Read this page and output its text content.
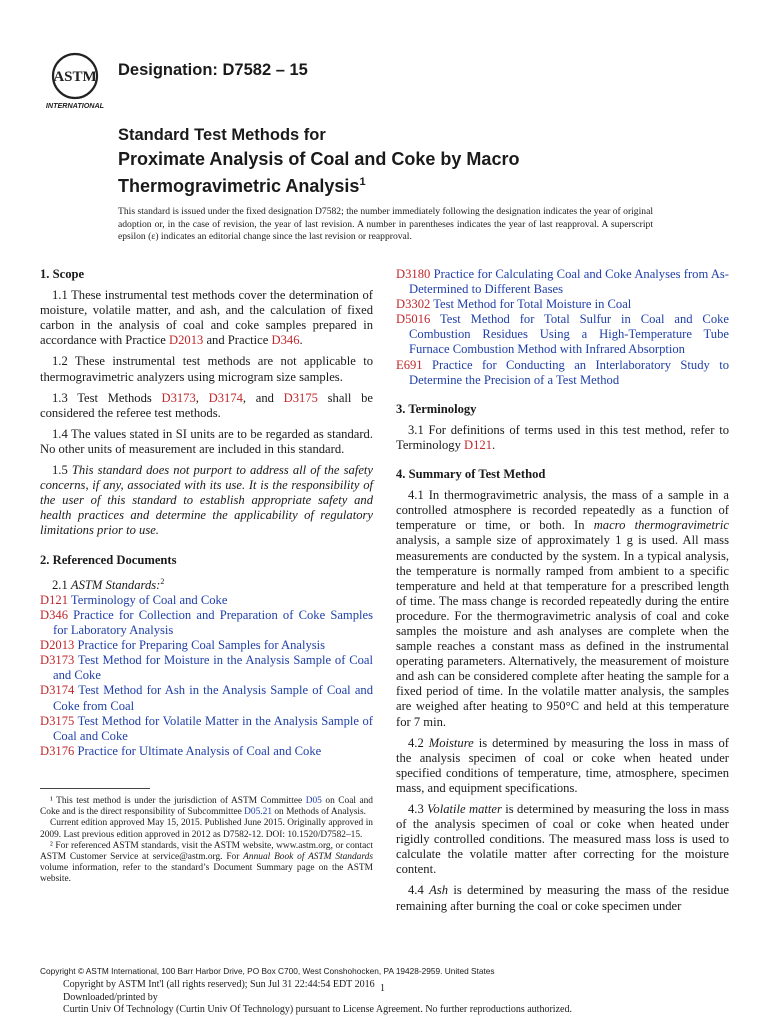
ASTM
INTERNATIONAL
Designation: D7582 – 15
Standard Test Methods for
Proximate Analysis of Coal and Coke by Macro
Thermogravimetric Analysis$^1$
This standard is issued under the fixed designation D7582; the number immediately following the designation indicates the year of original adoption or, in the case of revision, the year of last revision. A number in parentheses indicates the year of last reapproval. A superscript epsilon (ε) indicates an editorial change since the last revision or reapproval.

1. Scope

1.1 These instrumental test methods cover the determination of moisture, volatile matter, and ash, and the calculation of fixed carbon in the analysis of coal and coke samples prepared in accordance with Practice D2013 and Practice D346.

1.2 These instrumental test methods are not applicable to thermogravimetric analyzers using microgram size samples.

1.3 Test Methods D3173, D3174, and D3175 shall be considered the referee test methods.

1.4 The values stated in SI units are to be regarded as standard. No other units of measurement are included in this standard.

1.5 This standard does not purport to address all of the safety concerns, if any, associated with its use. It is the responsibility of the user of this standard to establish appropriate safety and health practices and determine the applicability of regulatory limitations prior to use.

2. Referenced Documents

2.1 ASTM Standards:$^2$

D121 Terminology of Coal and Coke

D346 Practice for Collection and Preparation of Coke Samples for Laboratory Analysis

D2013 Practice for Preparing Coal Samples for Analysis

D3173 Test Method for Moisture in the Analysis Sample of Coal and Coke

D3174 Test Method for Ash in the Analysis Sample of Coal and Coke from Coal

D3175 Test Method for Volatile Matter in the Analysis Sample of Coal and Coke

D3176 Practice for Ultimate Analysis of Coal and Coke

¹ This test method is under the jurisdiction of ASTM Committee D05 on Coal and Coke and is the direct responsibility of Subcommittee D05.21 on Methods of Analysis.

Current edition approved May 15, 2015. Published June 2015. Originally approved in 2009. Last previous edition approved in 2012 as D7582-12. DOI: 10.1520/D7582–15.

² For referenced ASTM standards, visit the ASTM website, www.astm.org, or contact ASTM Customer Service at service@astm.org. For Annual Book of ASTM Standards volume information, refer to the standard’s Document Summary page on the ASTM website.

D3180 Practice for Calculating Coal and Coke Analyses from As-Determined to Different Bases

D3302 Test Method for Total Moisture in Coal

D5016 Test Method for Total Sulfur in Coal and Coke Combustion Residues Using a High-Temperature Tube Furnace Combustion Method with Infrared Absorption

E691 Practice for Conducting an Interlaboratory Study to Determine the Precision of a Test Method

3. Terminology

3.1 For definitions of terms used in this test method, refer to Terminology D121.

4. Summary of Test Method

4.1 In thermogravimetric analysis, the mass of a sample in a controlled atmosphere is recorded repeatedly as a function of temperature or time, or both. In macro thermogravimetric analysis, a sample size of approximately 1 g is used. All mass measurements are conducted by the system. In a typical analysis, the temperature is normally ramped from ambient to a specific temperature and held at that temperature for a prescribed length of time. The mass change is recorded repeatedly during the entire procedure. For the thermogravimetric analysis of coal and coke samples the moisture and ash analyses are complete when the sample reaches a constant mass as defined in the instrumental operating parameters. Alternatively, the measurement of moisture and ash can be considered complete after heating the sample for a fixed period of time. In the volatile matter analysis, the samples are weighed after heating to 950°C and held at this temperature for 7 min.

4.2 Moisture is determined by measuring the loss in mass of the analysis specimen of coal or coke when heated under specified conditions of temperature, time, atmosphere, specimen mass, and equipment specifications.

4.3 Volatile matter is determined by measuring the loss in mass of the analysis specimen of coal or coke when heated under rigidly controlled conditions. The measured mass loss is used to calculate the volatile matter after correcting for the moisture content.

4.4 Ash is determined by measuring the mass of the residue remaining after burning the coal or coke specimen under

Copyright © ASTM International, 100 Barr Harbor Drive, PO Box C700, West Conshohocken, PA 19428-2959. United States
Copyright by ASTM Int'l (all rights reserved); Sun Jul 31 22:44:54 EDT 2016
Downloaded/printed by
Curtin Univ Of Technology (Curtin Univ Of Technology) pursuant to License Agreement. No further reproductions authorized.
1
